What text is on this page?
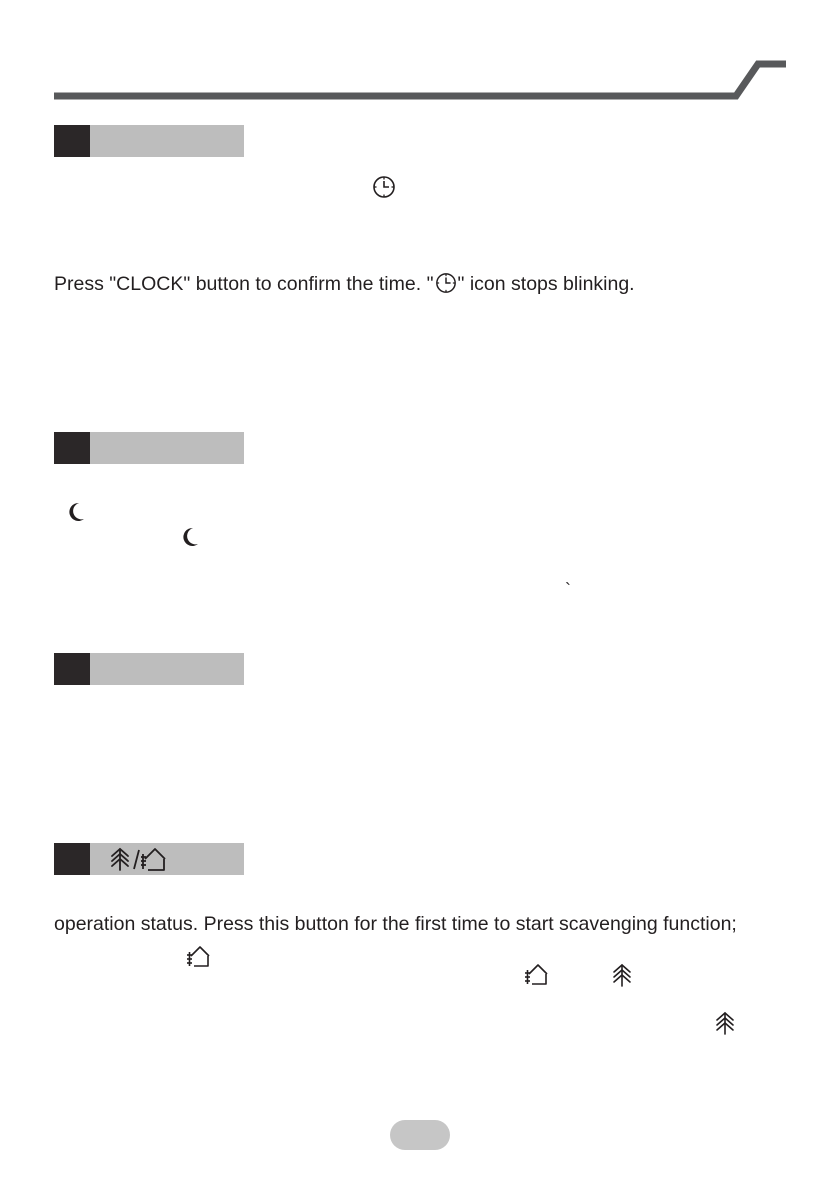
Press "CLOCK" button to confirm the time. " " icon stops blinking.
`
operation status. Press this button for the first time to start scavenging function;
